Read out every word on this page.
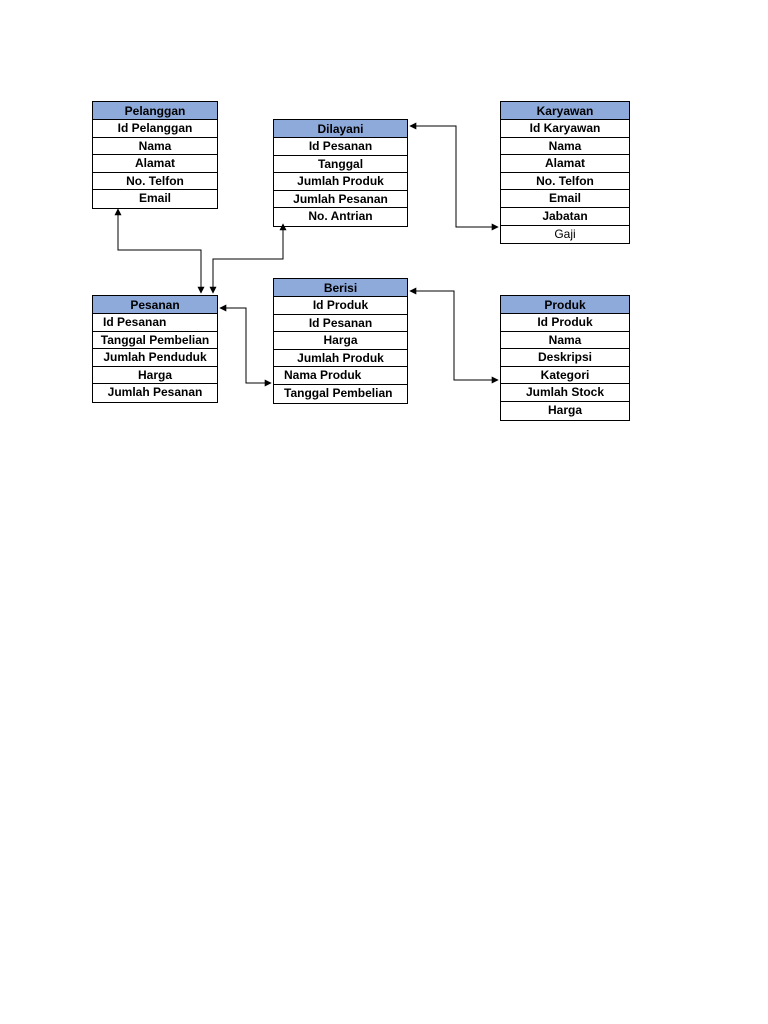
Pelanggan
Id Pelanggan
Nama
Alamat
No. Telfon
Email
Dilayani
Id Pesanan
Tanggal
Jumlah Produk
Jumlah Pesanan
No. Antrian
Karyawan
Id Karyawan
Nama
Alamat
No. Telfon
Email
Jabatan
Gaji
Pesanan
Id Pesanan
Tanggal Pembelian
Jumlah Penduduk
Harga
Jumlah Pesanan
Berisi
Id Produk
Id Pesanan
Harga
Jumlah Produk
Nama Produk
Tanggal Pembelian
Produk
Id Produk
Nama
Deskripsi
Kategori
Jumlah Stock
Harga
